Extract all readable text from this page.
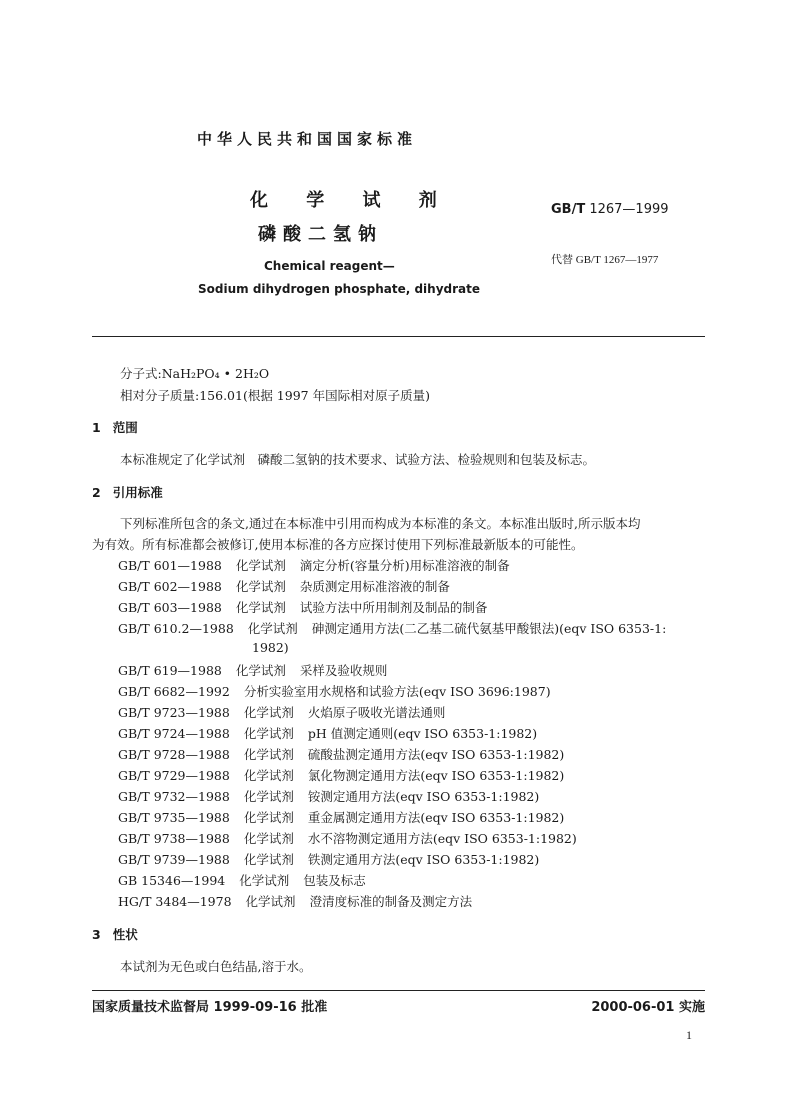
中华人民共和国国家标准
化 学 试 剂
磷酸二氢钠
Chemical reagent—
Sodium dihydrogen phosphate, dihydrate
GB/T 1267—1999
代替 GB/T 1267—1977
分子式:NaH₂PO₄ • 2H₂O
相对分子质量:156.01(根据 1997 年国际相对原子质量)
1 范围
本标准规定了化学试剂　磷酸二氢钠的技术要求、试验方法、检验规则和包装及标志。
2 引用标准
下列标准所包含的条文,通过在本标准中引用而构成为本标准的条文。本标准出版时,所示版本均
为有效。所有标准都会被修订,使用本标准的各方应探讨使用下列标准最新版本的可能性。
GB/T 601—1988 化学试剂 滴定分析(容量分析)用标准溶液的制备
GB/T 602—1988 化学试剂 杂质测定用标准溶液的制备
GB/T 603—1988 化学试剂 试验方法中所用制剂及制品的制备
GB/T 610.2—1988 化学试剂 砷测定通用方法(二乙基二硫代氨基甲酸银法)(eqv ISO 6353-1:
1982)
GB/T 619—1988 化学试剂 采样及验收规则
GB/T 6682—1992 分析实验室用水规格和试验方法(eqv ISO 3696:1987)
GB/T 9723—1988 化学试剂 火焰原子吸收光谱法通则
GB/T 9724—1988 化学试剂 pH 值测定通则(eqv ISO 6353-1:1982)
GB/T 9728—1988 化学试剂 硫酸盐测定通用方法(eqv ISO 6353-1:1982)
GB/T 9729—1988 化学试剂 氯化物测定通用方法(eqv ISO 6353-1:1982)
GB/T 9732—1988 化学试剂 铵测定通用方法(eqv ISO 6353-1:1982)
GB/T 9735—1988 化学试剂 重金属测定通用方法(eqv ISO 6353-1:1982)
GB/T 9738—1988 化学试剂 水不溶物测定通用方法(eqv ISO 6353-1:1982)
GB/T 9739—1988 化学试剂 铁测定通用方法(eqv ISO 6353-1:1982)
GB 15346—1994 化学试剂 包装及标志
HG/T 3484—1978 化学试剂 澄清度标准的制备及测定方法
3 性状
本试剂为无色或白色结晶,溶于水。
国家质量技术监督局 1999-09-16 批准	2000-06-01 实施
1
